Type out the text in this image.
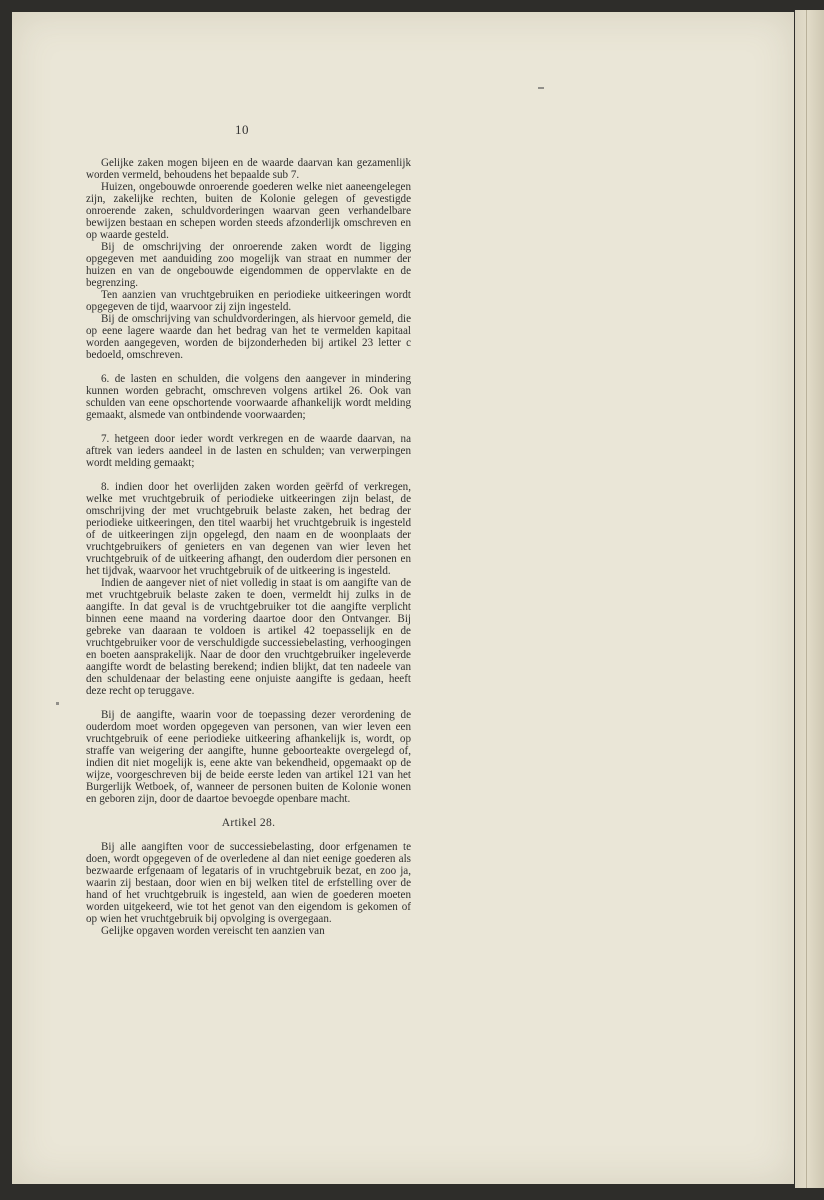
10

Gelijke zaken mogen bijeen en de waarde daarvan kan gezamenlijk worden vermeld, behoudens het bepaalde sub 7.

Huizen, ongebouwde onroerende goederen welke niet aaneengelegen zijn, zakelijke rechten, buiten de Kolonie gelegen of gevestigde onroerende zaken, schuldvorderingen waarvan geen verhandelbare bewijzen bestaan en schepen worden steeds afzonderlijk omschreven en op waarde gesteld.

Bij de omschrijving der onroerende zaken wordt de ligging opgegeven met aanduiding zoo mogelijk van straat en nummer der huizen en van de ongebouwde eigendommen de oppervlakte en de begrenzing.

Ten aanzien van vruchtgebruiken en periodieke uitkeeringen wordt opgegeven de tijd, waarvoor zij zijn ingesteld.

Bij de omschrijving van schuldvorderingen, als hiervoor gemeld, die op eene lagere waarde dan het bedrag van het te vermelden kapitaal worden aangegeven, worden de bijzonderheden bij artikel 23 letter c bedoeld, omschreven.

6. de lasten en schulden, die volgens den aangever in mindering kunnen worden gebracht, omschreven volgens artikel 26. Ook van schulden van eene opschortende voorwaarde afhankelijk wordt melding gemaakt, alsmede van ontbindende voorwaarden;

7. hetgeen door ieder wordt verkregen en de waarde daarvan, na aftrek van ieders aandeel in de lasten en schulden; van verwerpingen wordt melding gemaakt;

8. indien door het overlijden zaken worden geërfd of verkregen, welke met vruchtgebruik of periodieke uitkeeringen zijn belast, de omschrijving der met vruchtgebruik belaste zaken, het bedrag der periodieke uitkeeringen, den titel waarbij het vruchtgebruik is ingesteld of de uitkeeringen zijn opgelegd, den naam en de woonplaats der vruchtgebruikers of genieters en van degenen van wier leven het vruchtgebruik of de uitkeering afhangt, den ouderdom dier personen en het tijdvak, waarvoor het vruchtgebruik of de uitkeering is ingesteld.

Indien de aangever niet of niet volledig in staat is om aangifte van de met vruchtgebruik belaste zaken te doen, vermeldt hij zulks in de aangifte. In dat geval is de vruchtgebruiker tot die aangifte verplicht binnen eene maand na vordering daartoe door den Ontvanger. Bij gebreke van daaraan te voldoen is artikel 42 toepasselijk en de vruchtgebruiker voor de verschuldigde successiebelasting, verhoogingen en boeten aansprakelijk. Naar de door den vruchtgebruiker ingeleverde aangifte wordt de belasting berekend; indien blijkt, dat ten nadeele van den schuldenaar der belasting eene onjuiste aangifte is gedaan, heeft deze recht op teruggave.

Bij de aangifte, waarin voor de toepassing dezer verordening de ouderdom moet worden opgegeven van personen, van wier leven een vruchtgebruik of eene periodieke uitkeering afhankelijk is, wordt, op straffe van weigering der aangifte, hunne geboorteakte overgelegd of, indien dit niet mogelijk is, eene akte van bekendheid, opgemaakt op de wijze, voorgeschreven bij de beide eerste leden van artikel 121 van het Burgerlijk Wetboek, of, wanneer de personen buiten de Kolonie wonen en geboren zijn, door de daartoe bevoegde openbare macht.

Artikel 28.

Bij alle aangiften voor de successiebelasting, door erfgenamen te doen, wordt opgegeven of de overledene al dan niet eenige goederen als bezwaarde erfgenaam of legataris of in vruchtgebruik bezat, en zoo ja, waarin zij bestaan, door wien en bij welken titel de erfstelling over de hand of het vruchtgebruik is ingesteld, aan wien de goederen moeten worden uitgekeerd, wie tot het genot van den eigendom is gekomen of op wien het vruchtgebruik bij opvolging is overgegaan.

Gelijke opgaven worden vereischt ten aanzien van
